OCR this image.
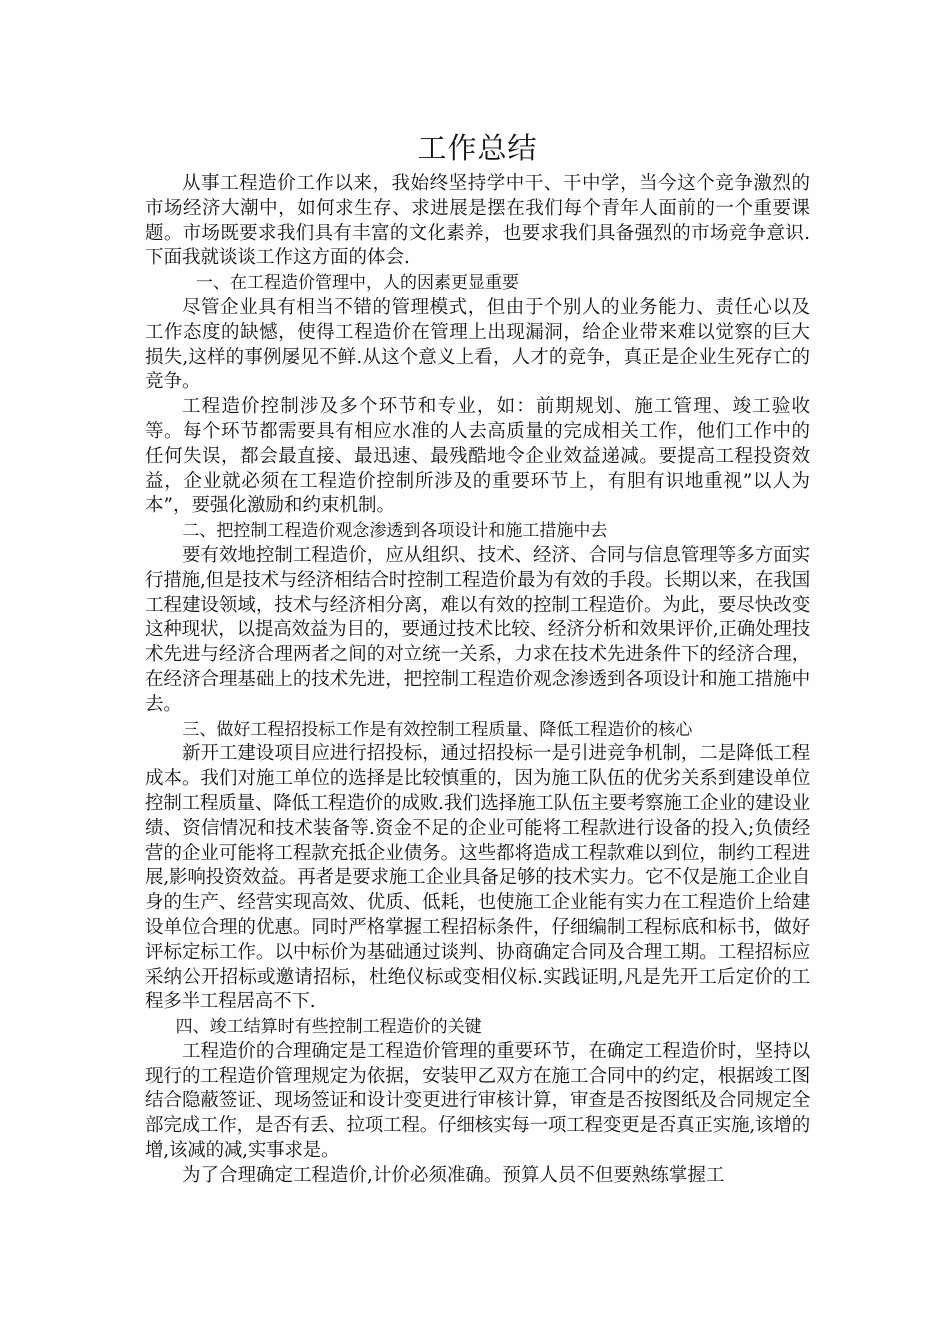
工作总结

从事工程造价工作以来，我始终坚持学中干、干中学，当今这个竞争激烈的市场经济大潮中，如何求生存、求进展是摆在我们每个青年人面前的一个重要课题。市场既要求我们具有丰富的文化素养，也要求我们具备强烈的市场竞争意识.下面我就谈谈工作这方面的体会.

一、在工程造价管理中，人的因素更显重要

尽管企业具有相当不错的管理模式，但由于个别人的业务能力、责任心以及工作态度的缺憾，使得工程造价在管理上出现漏洞，给企业带来难以觉察的巨大损失,这样的事例屡见不鲜.从这个意义上看，人才的竞争，真正是企业生死存亡的竞争。

工程造价控制涉及多个环节和专业，如：前期规划、施工管理、竣工验收等。每个环节都需要具有相应水准的人去高质量的完成相关工作，他们工作中的任何失误，都会最直接、最迅速、最残酷地令企业效益递减。要提高工程投资效益，企业就必须在工程造价控制所涉及的重要环节上，有胆有识地重视”以人为本”，要强化激励和约束机制。

二、把控制工程造价观念渗透到各项设计和施工措施中去

要有效地控制工程造价，应从组织、技术、经济、合同与信息管理等多方面实行措施,但是技术与经济相结合时控制工程造价最为有效的手段。长期以来，在我国工程建设领域，技术与经济相分离，难以有效的控制工程造价。为此，要尽快改变这种现状，以提高效益为目的，要通过技术比较、经济分析和效果评价,正确处理技术先进与经济合理两者之间的对立统一关系，力求在技术先进条件下的经济合理，在经济合理基础上的技术先进，把控制工程造价观念渗透到各项设计和施工措施中去。

三、做好工程招投标工作是有效控制工程质量、降低工程造价的核心

新开工建设项目应进行招投标，通过招投标一是引进竞争机制，二是降低工程成本。我们对施工单位的选择是比较慎重的，因为施工队伍的优劣关系到建设单位控制工程质量、降低工程造价的成败.我们选择施工队伍主要考察施工企业的建设业绩、资信情况和技术装备等.资金不足的企业可能将工程款进行设备的投入;负债经营的企业可能将工程款充抵企业债务。这些都将造成工程款难以到位，制约工程进展,影响投资效益。再者是要求施工企业具备足够的技术实力。它不仅是施工企业自身的生产、经营实现高效、优质、低耗，也使施工企业能有实力在工程造价上给建设单位合理的优惠。同时严格掌握工程招标条件，仔细编制工程标底和标书，做好评标定标工作。以中标价为基础通过谈判、协商确定合同及合理工期。工程招标应采纳公开招标或邀请招标，杜绝仪标或变相仪标.实践证明,凡是先开工后定价的工程多半工程居高不下.

四、竣工结算时有些控制工程造价的关键

工程造价的合理确定是工程造价管理的重要环节，在确定工程造价时，坚持以现行的工程造价管理规定为依据，安装甲乙双方在施工合同中的约定，根据竣工图结合隐蔽签证、现场签证和设计变更进行审核计算，审查是否按图纸及合同规定全部完成工作，是否有丢、拉项工程。仔细核实每一项工程变更是否真正实施,该增的增,该减的减,实事求是。

为了合理确定工程造价,计价必须准确。预算人员不但要熟练掌握工
